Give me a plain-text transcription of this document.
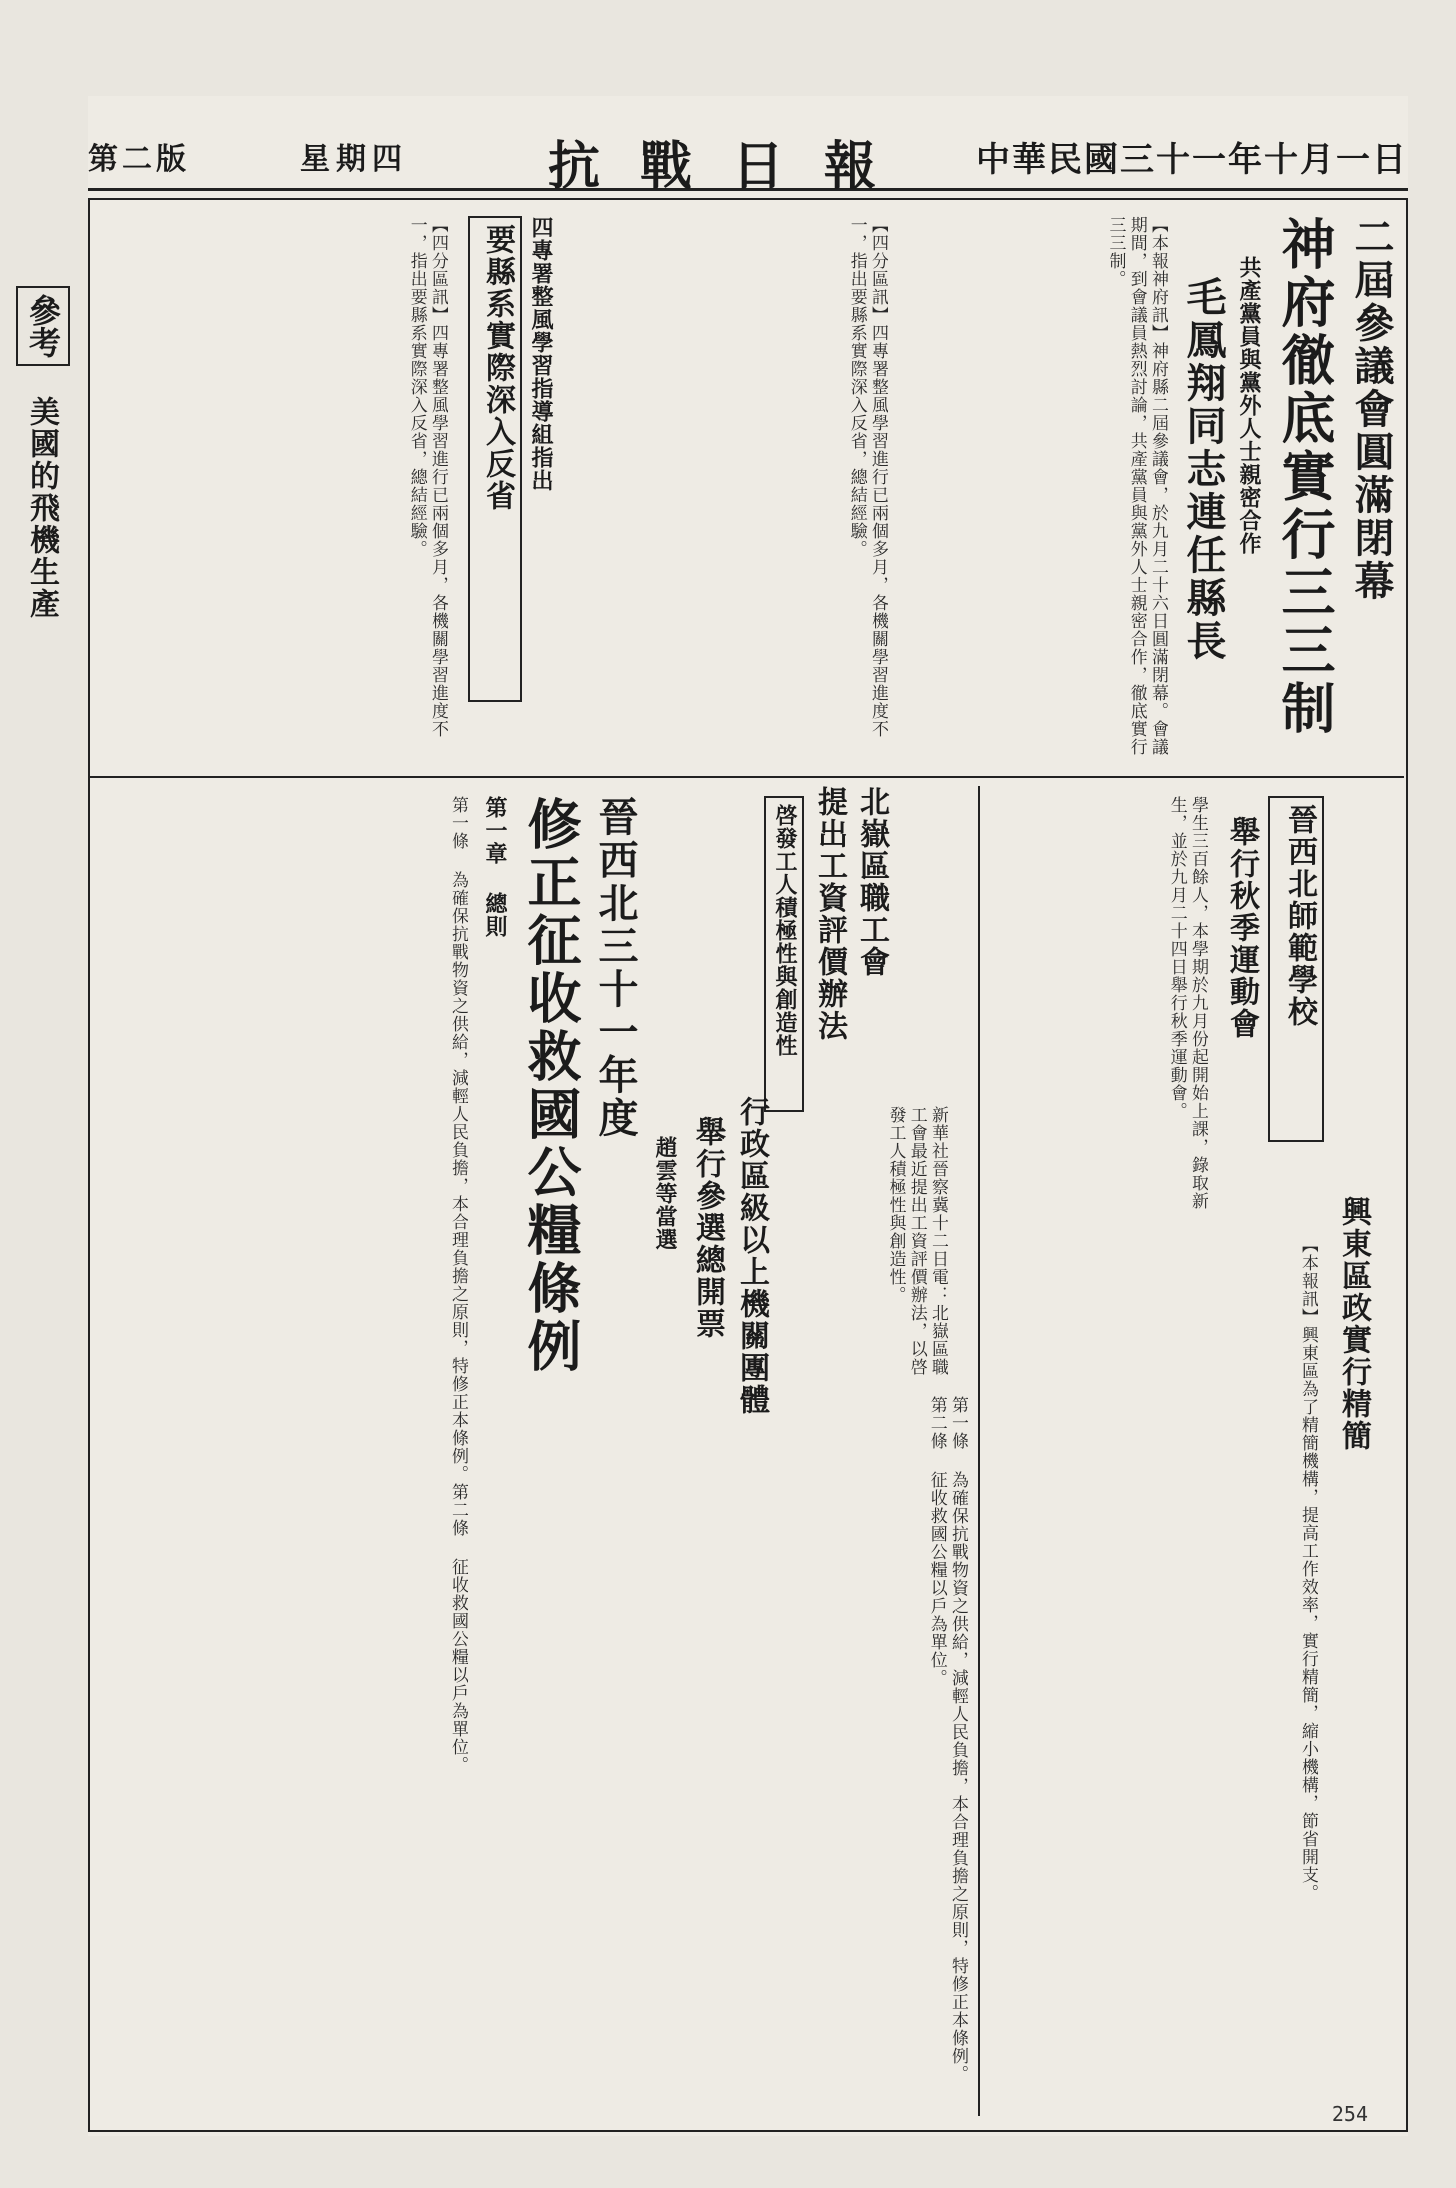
中華民國三十一年十月一日
抗戰日報
星期四
第二版
參考
美國的飛機生產	二屆參議會圓滿閉幕
神府徹底實行三三制
共產黨員與黨外人士親密合作
毛鳳翔同志連任縣長
【本報神府訊】神府縣二屆參議會，於九月二十六日圓滿閉幕。會議期間，到會議員熱烈討論，共產黨員與黨外人士親密合作，徹底實行三三制。
要縣系實際深入反省 四專署整風學習指導組指出
【四分區訊】四專署整風學習進行已兩個多月，各機關學習進度不一，指出要縣系實際深入反省，總結經驗。	【四分區訊】四專署整風學習進行已兩個多月，各機關學習進度不一，指出要縣系實際深入反省，總結經驗。
晉西北三十一年度
修正征收救國公糧條例
第一章 總則
第一條 為確保抗戰物資之供給，減輕人民負擔，本合理負擔之原則，特修正本條例。第二條 征收救國公糧以戶為單位。	第一條 為確保抗戰物資之供給，減輕人民負擔，本合理負擔之原則，特修正本條例。第二條 征收救國公糧以戶為單位。
北嶽區職工會
提出工資評價辦法
啓發工人積極性與創造性
新華社晉察冀十二日電：北嶽區職工會最近提出工資評價辦法，以啓發工人積極性與創造性。
行政區級以上機關團體
舉行參選總開票
趙雲等當選
晉西北師範學校
舉行秋季運動會
學生三百餘人，本學期於九月份起開始上課，錄取新生，並於九月二十四日舉行秋季運動會。
興東區政實行精簡
【本報訊】興東區為了精簡機構，提高工作效率，實行精簡，縮小機構，節省開支。
254
